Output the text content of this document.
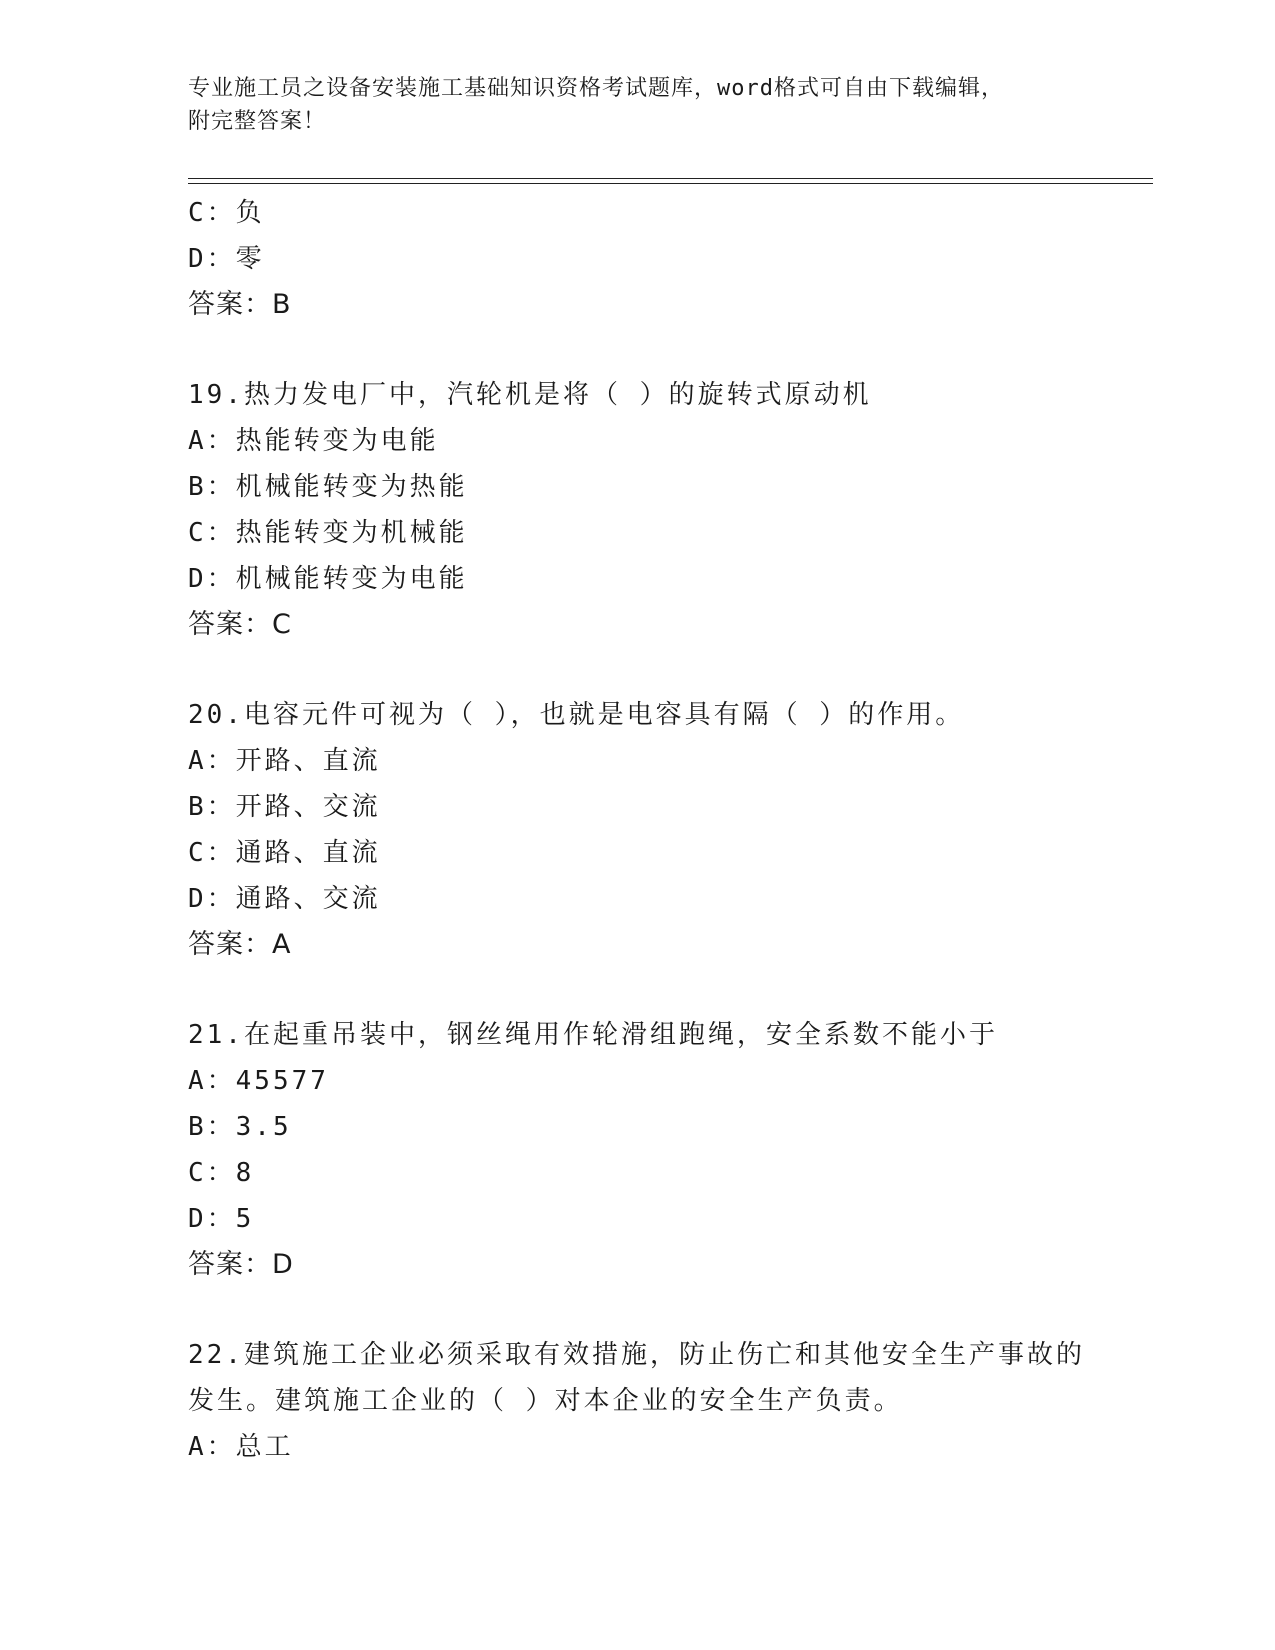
专业施工员之设备安装施工基础知识资格考试题库，word格式可自由下载编辑，
附完整答案！
C：负
D：零
答案：B
19.热力发电厂中，汽轮机是将（ ）的旋转式原动机
A：热能转变为电能
B：机械能转变为热能
C：热能转变为机械能
D：机械能转变为电能
答案：C
20.电容元件可视为（ ），也就是电容具有隔（ ）的作用。
A：开路、直流
B：开路、交流
C：通路、直流
D：通路、交流
答案：A
21.在起重吊装中，钢丝绳用作轮滑组跑绳，安全系数不能小于
A：45577
B：3.5
C：8
D：5
答案：D
22.建筑施工企业必须采取有效措施，防止伤亡和其他安全生产事故的
发生。建筑施工企业的（ ）对本企业的安全生产负责。
A：总工
